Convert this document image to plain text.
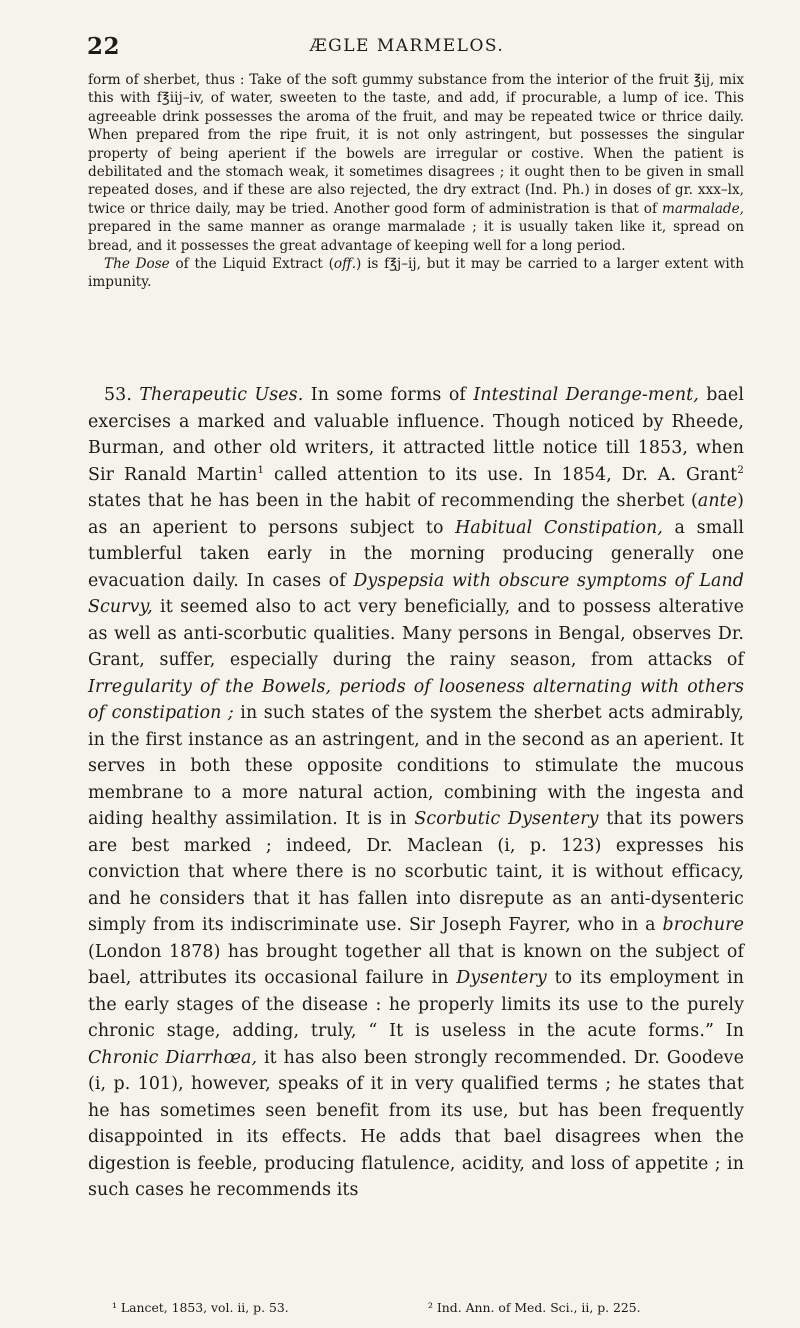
22	ÆGLE MARMELOS.

form of sherbet, thus : Take of the soft gummy substance from the interior of the fruit ℥ij, mix this with f℥iij–iv, of water, sweeten to the taste, and add, if procurable, a lump of ice. This agreeable drink possesses the aroma of the fruit, and may be repeated twice or thrice daily. When prepared from the ripe fruit, it is not only astringent, but possesses the singular property of being aperient if the bowels are irregular or costive. When the patient is debilitated and the stomach weak, it sometimes disagrees ; it ought then to be given in small repeated doses, and if these are also rejected, the dry extract (Ind. Ph.) in doses of gr. xxx–lx, twice or thrice daily, may be tried. Another good form of administration is that of marmalade, prepared in the same manner as orange marmalade ; it is usually taken like it, spread on bread, and it possesses the great advantage of keeping well for a long period.

The Dose of the Liquid Extract (off.) is f℥j–ij, but it may be carried to a larger extent with impunity.

53. Therapeutic Uses. In some forms of Intestinal Derange-ment, bael exercises a marked and valuable influence. Though noticed by Rheede, Burman, and other old writers, it attracted little notice till 1853, when Sir Ranald Martin$^1$ called attention to its use. In 1854, Dr. A. Grant$^2$ states that he has been in the habit of recommending the sherbet (ante) as an aperient to persons subject to Habitual Constipation, a small tumblerful taken early in the morning producing generally one evacuation daily. In cases of Dyspepsia with obscure symptoms of Land Scurvy, it seemed also to act very beneficially, and to possess alterative as well as anti-scorbutic qualities. Many persons in Bengal, observes Dr. Grant, suffer, especially during the rainy season, from attacks of Irregularity of the Bowels, periods of looseness alternating with others of constipation ; in such states of the system the sherbet acts admirably, in the first instance as an astringent, and in the second as an aperient. It serves in both these opposite conditions to stimulate the mucous membrane to a more natural action, combining with the ingesta and aiding healthy assimilation. It is in Scorbutic Dysentery that its powers are best marked ; indeed, Dr. Maclean (i, p. 123) expresses his conviction that where there is no scorbutic taint, it is without efficacy, and he considers that it has fallen into disrepute as an anti-dysenteric simply from its indiscriminate use. Sir Joseph Fayrer, who in a brochure (London 1878) has brought together all that is known on the subject of bael, attributes its occasional failure in Dysentery to its employment in the early stages of the disease : he properly limits its use to the purely chronic stage, adding, truly, “ It is useless in the acute forms.” In Chronic Diarrhœa, it has also been strongly recommended. Dr. Goodeve (i, p. 101), however, speaks of it in very qualified terms ; he states that he has sometimes seen benefit from its use, but has been frequently disappointed in its effects. He adds that bael disagrees when the digestion is feeble, producing flatulence, acidity, and loss of appetite ; in such cases he recommends its

¹ Lancet, 1853, vol. ii, p. 53.	² Ind. Ann. of Med. Sci., ii, p. 225.
